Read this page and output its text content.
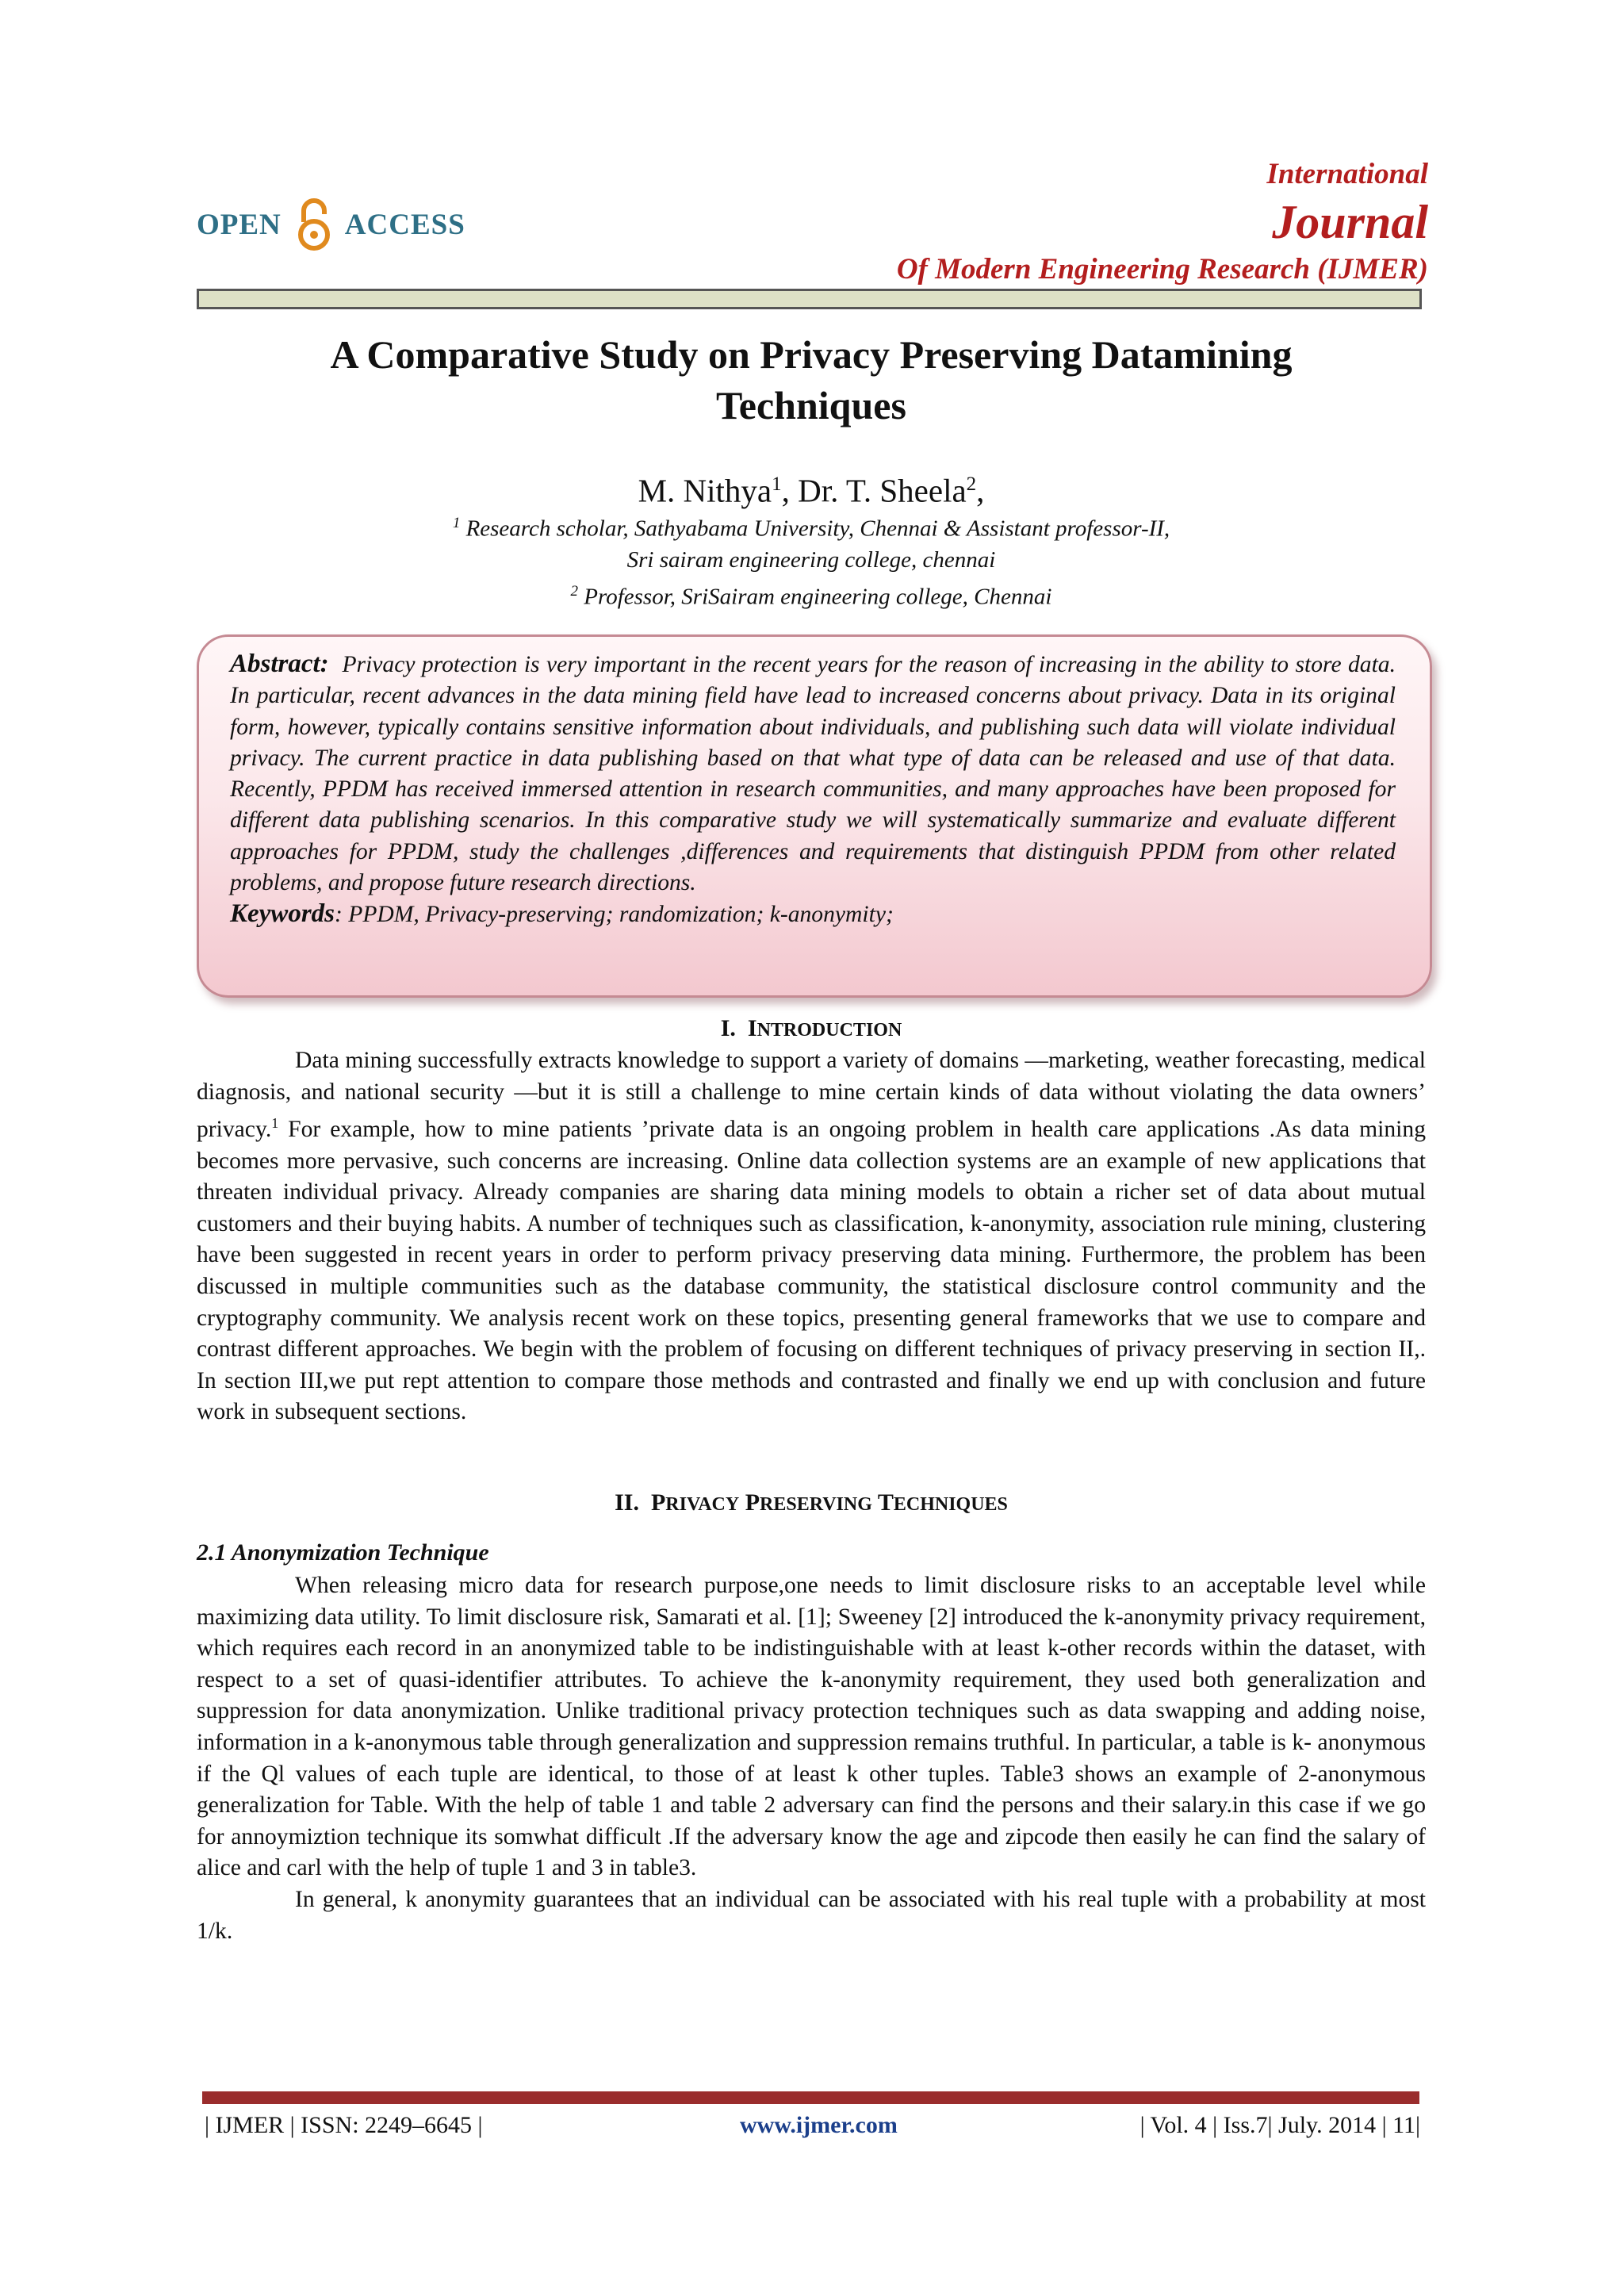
OPEN ACCESS
International
Journal
Of Modern Engineering Research (IJMER)
A Comparative Study on Privacy Preserving Datamining
Techniques
M. Nithya$^1$, Dr. T. Sheela$^2$,
$^1$ Research scholar, Sathyabama University, Chennai & Assistant professor-II,
Sri sairam engineering college, chennai
$^2$ Professor, SriSairam engineering college, Chennai
Abstract: Privacy protection is very important in the recent years for the reason of increasing in the ability to store data. In particular, recent advances in the data mining field have lead to increased concerns about privacy. Data in its original form, however, typically contains sensitive information about individuals, and publishing such data will violate individual privacy. The current practice in data publishing based on that what type of data can be released and use of that data. Recently, PPDM has received immersed attention in research communities, and many approaches have been proposed for different data publishing scenarios. In this comparative study we will systematically summarize and evaluate different approaches for PPDM, study the challenges ,differences and requirements that distinguish PPDM from other related problems, and propose future research directions.
Keywords: PPDM, Privacy-preserving; randomization; k-anonymity;
I. INTRODUCTION

Data mining successfully extracts knowledge to support a variety of domains —marketing, weather forecasting, medical diagnosis, and national security —but it is still a challenge to mine certain kinds of data without violating the data owners’ privacy.$^1$ For example, how to mine patients ’private data is an ongoing problem in health care applications .As data mining becomes more pervasive, such concerns are increasing. Online data collection systems are an example of new applications that threaten individual privacy. Already companies are sharing data mining models to obtain a richer set of data about mutual customers and their buying habits. A number of techniques such as classification, k-anonymity, association rule mining, clustering have been suggested in recent years in order to perform privacy preserving data mining. Furthermore, the problem has been discussed in multiple communities such as the database community, the statistical disclosure control community and the cryptography community. We analysis recent work on these topics, presenting general frameworks that we use to compare and contrast different approaches. We begin with the problem of focusing on different techniques of privacy preserving in section II,. In section III,we put rept attention to compare those methods and contrasted and finally we end up with conclusion and future work in subsequent sections.

II. PRIVACY PRESERVING TECHNIQUES
2.1 Anonymization Technique

When releasing micro data for research purpose,one needs to limit disclosure risks to an acceptable level while maximizing data utility. To limit disclosure risk, Samarati et al. [1]; Sweeney [2] introduced the k-anonymity privacy requirement, which requires each record in an anonymized table to be indistinguishable with at least k-other records within the dataset, with respect to a set of quasi-identifier attributes. To achieve the k-anonymity requirement, they used both generalization and suppression for data anonymization. Unlike traditional privacy protection techniques such as data swapping and adding noise, information in a k-anonymous table through generalization and suppression remains truthful. In particular, a table is k- anonymous if the Ql values of each tuple are identical, to those of at least k other tuples. Table3 shows an example of 2-anonymous generalization for Table. With the help of table 1 and table 2 adversary can find the persons and their salary.in this case if we go for annoymiztion technique its somwhat difficult .If the adversary know the age and zipcode then easily he can find the salary of alice and carl with the help of tuple 1 and 3 in table3.

In general, k anonymity guarantees that an individual can be associated with his real tuple with a probability at most 1/k.

| IJMER | ISSN: 2249–6645 |	www.ijmer.com	| Vol. 4 | Iss.7| July. 2014 | 11|
